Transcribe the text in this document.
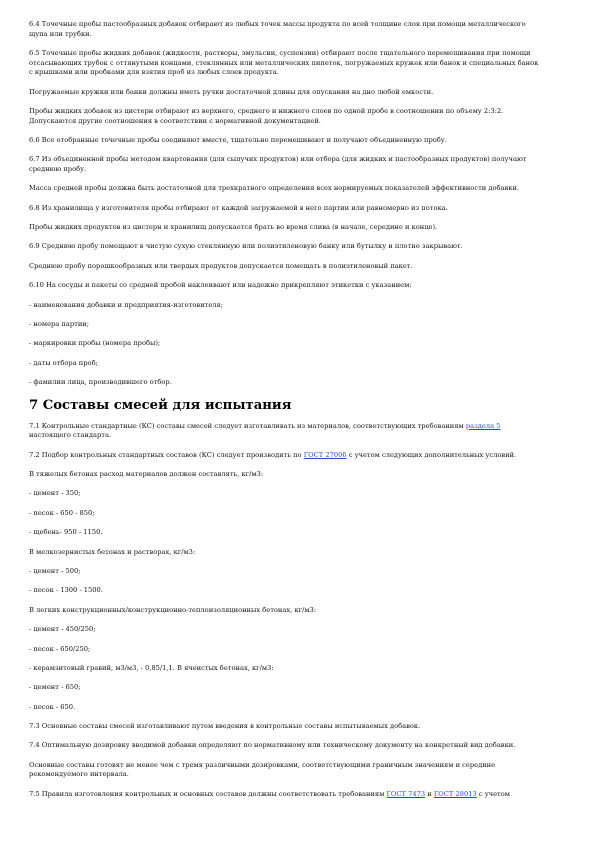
6.4 Точечные пробы пастообразных добавок отбирают из любых точек массы продукта по всей толщине слоя при помощи металлического щупа или трубки.

6.5 Точечные пробы жидких добавок (жидкости, растворы, эмульсии, суспензии) отбирают после тщательного перемешивания при помощи отсасывающих трубок с оттянутыми концами, стеклянных или металлических пипеток, погружаемых кружек или банок и специальных банок с крышками или пробками для взятия проб из любых слоев продукта.

Погружаемые кружки или банки должны иметь ручки достаточной длины для опускания на дно любой емкости.

Пробы жидких добавок из цистерн отбирают из верхнего, среднего и нижнего слоев по одной пробе в соотношении по объему 2:3:2. Допускаются другие соотношения в соответствии с нормативной документацией.

6.6 Все отобранные точечные пробы соединяют вместе, тщательно перемешивают и получают объединенную пробу.

6.7 Из объединенной пробы методом квартования (для сыпучих продуктов) или отбора (для жидких и пастообразных продуктов) получают среднюю пробу.

Масса средней пробы должна быть достаточной для трехкратного определения всех нормируемых показателей эффективности добавки.

6.8 Из хранилища у изготовителя пробы отбирают от каждой загружаемой в него партии или равномерно из потока.

Пробы жидких продуктов из цистерн и хранилищ допускается брать во время слива (в начале, середине и конце).

6.9 Среднюю пробу помещают в чистую сухую стеклянную или полиэтиленовую банку или бутылку и плотно закрывают.

Среднюю пробу порошкообразных или твердых продуктов допускается помещать в полиэтиленовый пакет.

6.10 На сосуды и пакеты со средней пробой наклеивают или надежно прикрепляют этикетки с указанием:

- наименования добавки и предприятия-изготовителя;

- номера партии;

- маркировки пробы (номера пробы);

- даты отбора проб;

- фамилии лица, производившего отбор.

7 Составы смесей для испытания

7.1 Контрольные стандартные (КС) составы смесей следует изготавливать из материалов, соответствующих требованиям раздела 5 настоящего стандарта.

7.2 Подбор контрольных стандартных составов (КС) следует производить по ГОСТ 27006 с учетом следующих дополнительных условий.

В тяжелых бетонах расход материалов должен составлять, кг/м3:

- цемент - 350;

- песок - 650 - 850;

- щебень- 950 - 1150.

В мелкозернистых бетонах и растворах, кг/м3:

- цемент - 500;

- песок - 1300 - 1500.

В легких конструкционных/конструкционно-теплоизоляционных бетонах, кг/м3:

- цемент - 450/250;

- песок - 650/250;

- керамзитовый гравий, м3/м3, - 0,85/1,1. В ячеистых бетонах, кг/м3:

- цемент - 650;

- песок - 650.

7.3 Основные составы смесей изготавливают путем введения в контрольные составы испытываемых добавок.

7.4 Оптимальную дозировку вводимой добавки определяют по нормативному или техническому документу на конкретный вид добавки.

Основные составы готовят не менее чем с тремя различными дозировками, соответствующими граничным значениям и середине рекомендуемого интервала.

7.5 Правила изготовления контрольных и основных составов должны соответствовать требованиям ГОСТ 7473 и ГОСТ 28013 с учетом
